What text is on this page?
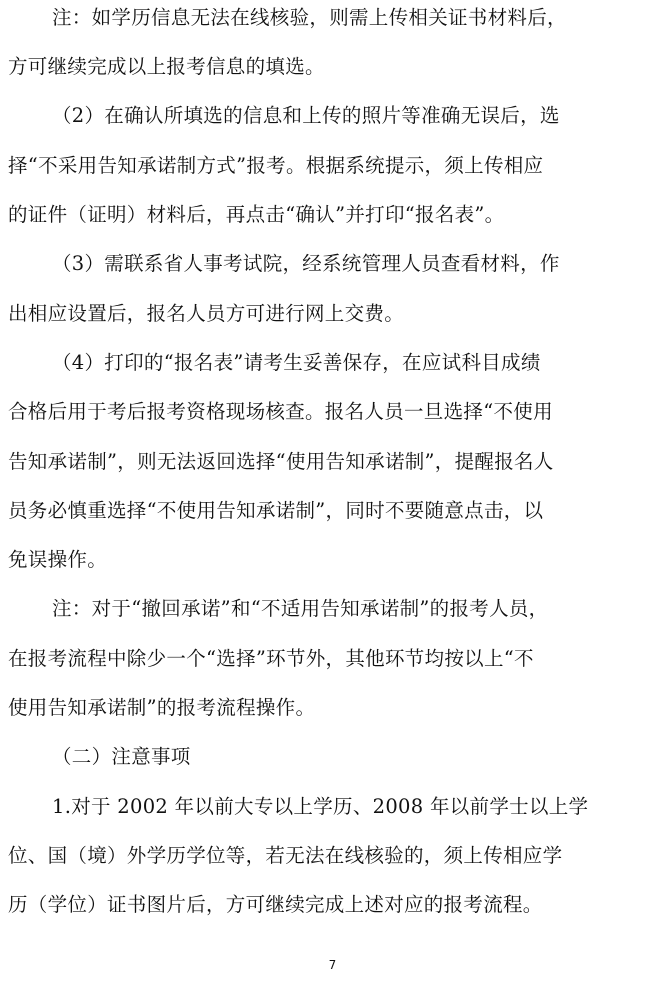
注：如学历信息无法在线核验，则需上传相关证书材料后，
方可继续完成以上报考信息的填选。
（2）在确认所填选的信息和上传的照片等准确无误后，选
择“不采用告知承诺制方式”报考。根据系统提示，须上传相应
的证件（证明）材料后，再点击“确认”并打印“报名表”。
（3）需联系省人事考试院，经系统管理人员查看材料，作
出相应设置后，报名人员方可进行网上交费。
（4）打印的“报名表”请考生妥善保存，在应试科目成绩
合格后用于考后报考资格现场核查。报名人员一旦选择“不使用
告知承诺制”，则无法返回选择“使用告知承诺制”，提醒报名人
员务必慎重选择“不使用告知承诺制”，同时不要随意点击，以
免误操作。
注：对于“撤回承诺”和“不适用告知承诺制”的报考人员，
在报考流程中除少一个“选择”环节外，其他环节均按以上“不
使用告知承诺制”的报考流程操作。
（二）注意事项
1.对于 2002 年以前大专以上学历、2008 年以前学士以上学
位、国（境）外学历学位等，若无法在线核验的，须上传相应学
历（学位）证书图片后，方可继续完成上述对应的报考流程。
7
